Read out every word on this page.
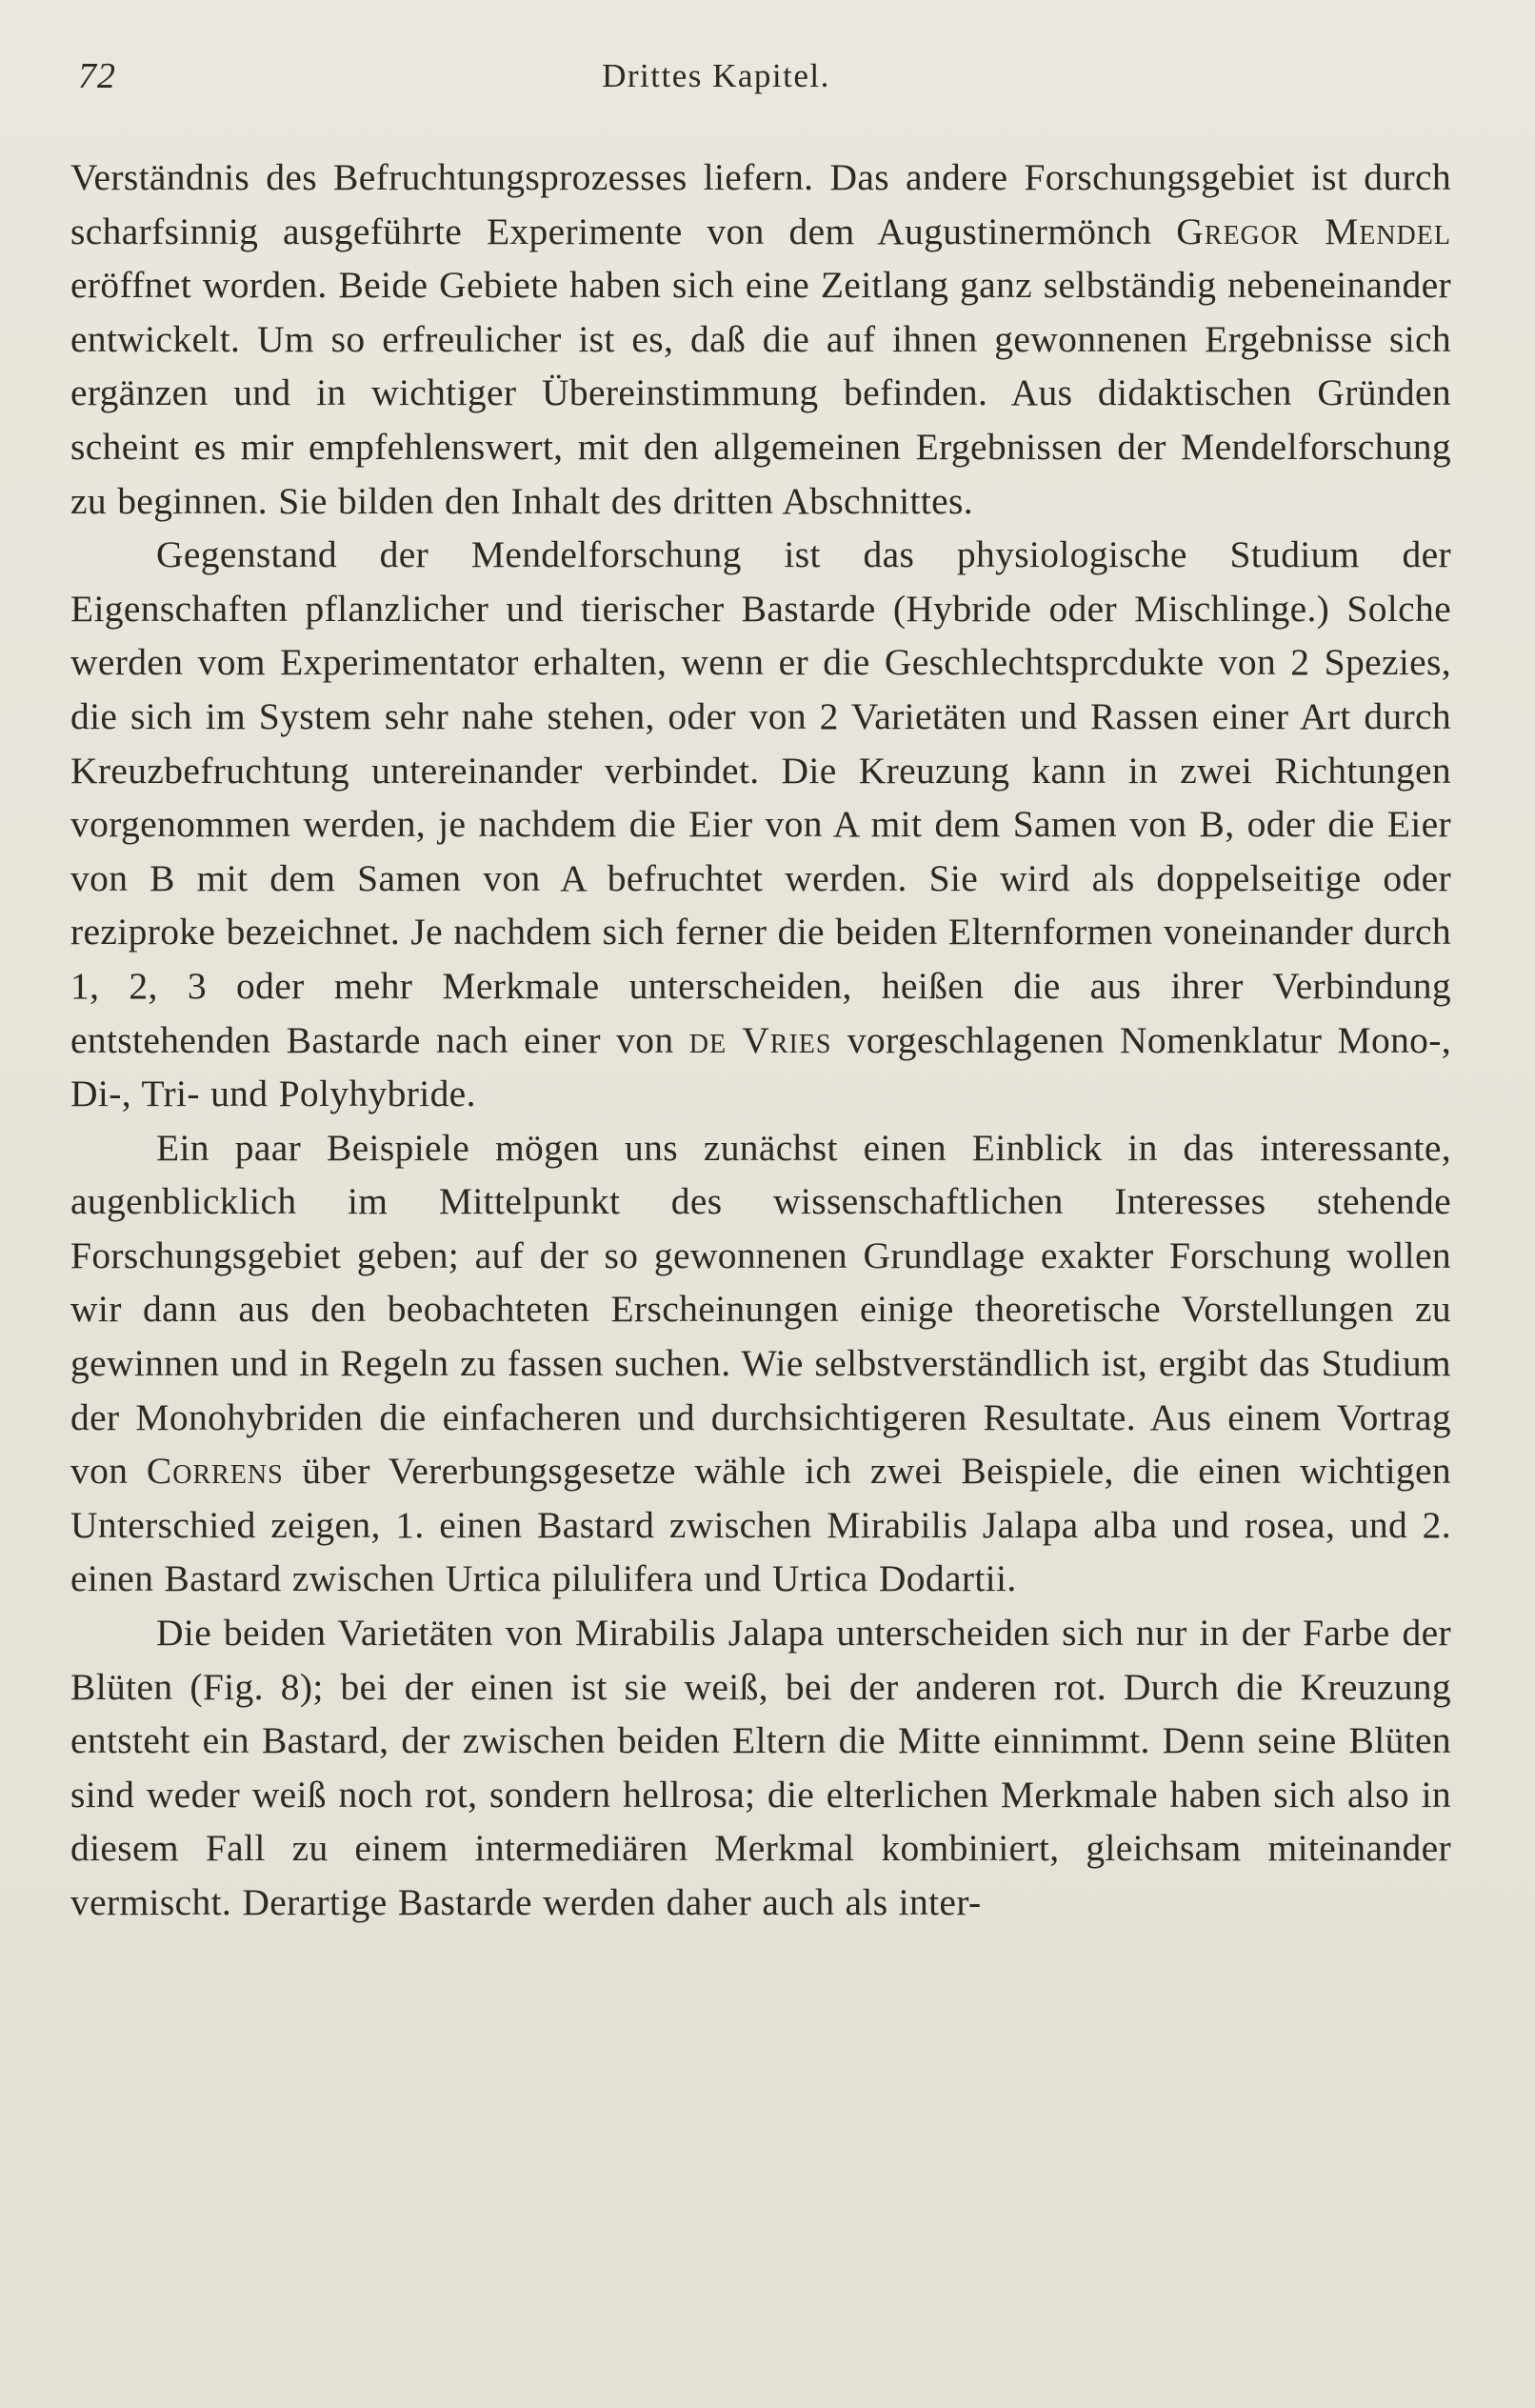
72	Drittes Kapitel.

Verständnis des Befruchtungsprozesses liefern. Das andere Forschungsgebiet ist durch scharfsinnig ausgeführte Experimente von dem Augustinermönch Gregor Mendel eröffnet worden. Beide Gebiete haben sich eine Zeitlang ganz selbständig nebeneinander entwickelt. Um so erfreulicher ist es, daß die auf ihnen gewonnenen Ergebnisse sich ergänzen und in wichtiger Übereinstimmung befinden. Aus didaktischen Gründen scheint es mir empfehlenswert, mit den allgemeinen Ergebnissen der Mendelforschung zu beginnen. Sie bilden den Inhalt des dritten Abschnittes.

Gegenstand der Mendelforschung ist das physiologische Studium der Eigenschaften pflanzlicher und tierischer Bastarde (Hybride oder Mischlinge.) Solche werden vom Experimentator erhalten, wenn er die Geschlechtsprcdukte von 2 Spezies, die sich im System sehr nahe stehen, oder von 2 Varietäten und Rassen einer Art durch Kreuzbefruchtung untereinander verbindet. Die Kreuzung kann in zwei Richtungen vorgenommen werden, je nachdem die Eier von A mit dem Samen von B, oder die Eier von B mit dem Samen von A befruchtet werden. Sie wird als doppelseitige oder reziproke bezeichnet. Je nachdem sich ferner die beiden Elternformen voneinander durch 1, 2, 3 oder mehr Merkmale unterscheiden, heißen die aus ihrer Verbindung entstehenden Bastarde nach einer von de Vries vorgeschlagenen Nomenklatur Mono-, Di-, Tri- und Polyhybride.

Ein paar Beispiele mögen uns zunächst einen Einblick in das interessante, augenblicklich im Mittelpunkt des wissenschaftlichen Interesses stehende Forschungsgebiet geben; auf der so gewonnenen Grundlage exakter Forschung wollen wir dann aus den beobachteten Erscheinungen einige theoretische Vorstellungen zu gewinnen und in Regeln zu fassen suchen. Wie selbstverständlich ist, ergibt das Studium der Monohybriden die einfacheren und durchsichtigeren Resultate. Aus einem Vortrag von Correns über Vererbungsgesetze wähle ich zwei Beispiele, die einen wichtigen Unterschied zeigen, 1. einen Bastard zwischen Mirabilis Jalapa alba und rosea, und 2. einen Bastard zwischen Urtica pilulifera und Urtica Dodartii.

Die beiden Varietäten von Mirabilis Jalapa unterscheiden sich nur in der Farbe der Blüten (Fig. 8); bei der einen ist sie weiß, bei der anderen rot. Durch die Kreuzung entsteht ein Bastard, der zwischen beiden Eltern die Mitte einnimmt. Denn seine Blüten sind weder weiß noch rot, sondern hellrosa; die elterlichen Merkmale haben sich also in diesem Fall zu einem intermediären Merkmal kombiniert, gleichsam miteinander vermischt. Derartige Bastarde werden daher auch als inter-
